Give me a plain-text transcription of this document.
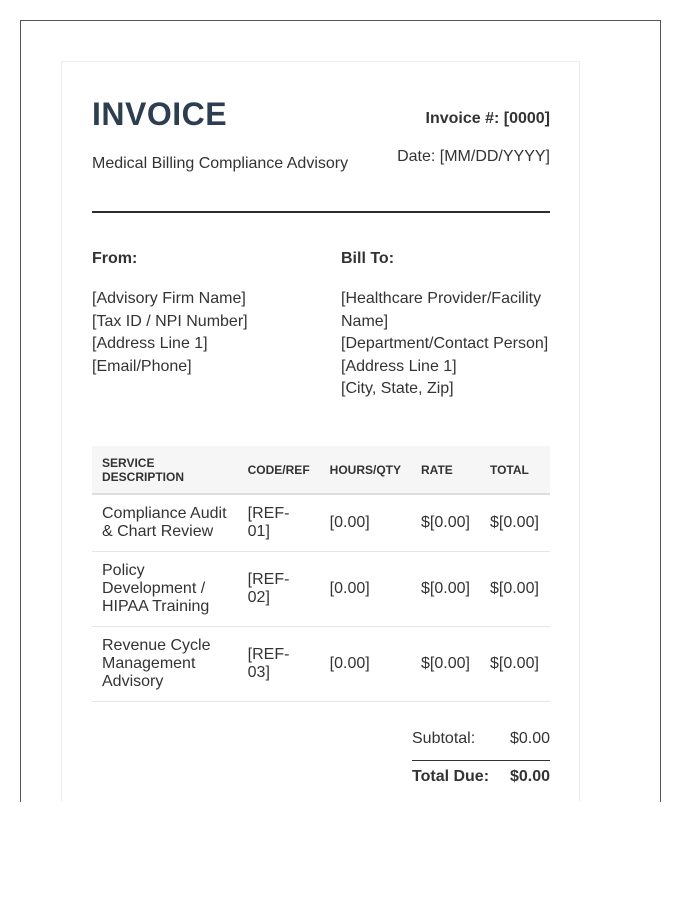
INVOICE
Medical Billing Compliance Advisory
Invoice #: [0000]
Date: [MM/DD/YYYY]
From:
[Advisory Firm Name]
[Tax ID / NPI Number]
[Address Line 1]
[Email/Phone]
Bill To:
[Healthcare Provider/Facility Name]
[Department/Contact Person]
[Address Line 1]
[City, State, Zip]
SERVICE DESCRIPTION	CODE/REF	HOURS/QTY	RATE	TOTAL
Compliance Audit & Chart Review	[REF-01]	[0.00]	$[0.00]	$[0.00]
Policy Development / HIPAA Training	[REF-02]	[0.00]	$[0.00]	$[0.00]
Revenue Cycle Management Advisory	[REF-03]	[0.00]	$[0.00]	$[0.00]
Subtotal: $0.00
Total Due: $0.00
